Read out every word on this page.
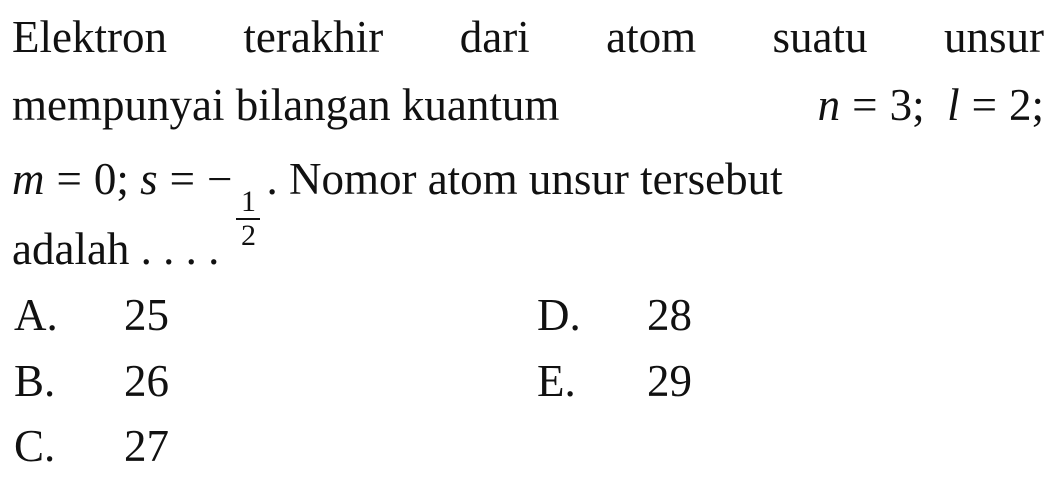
Elektron terakhir dari atom suatu unsur
mempunyai bilangan kuantum	n = 3; l = 2;
m = 0; s = −
$\frac{1}{2}$
. Nomor atom unsur tersebut
adalah . . . .
A. 25
B. 26
C. 27
D. 28
E. 29
